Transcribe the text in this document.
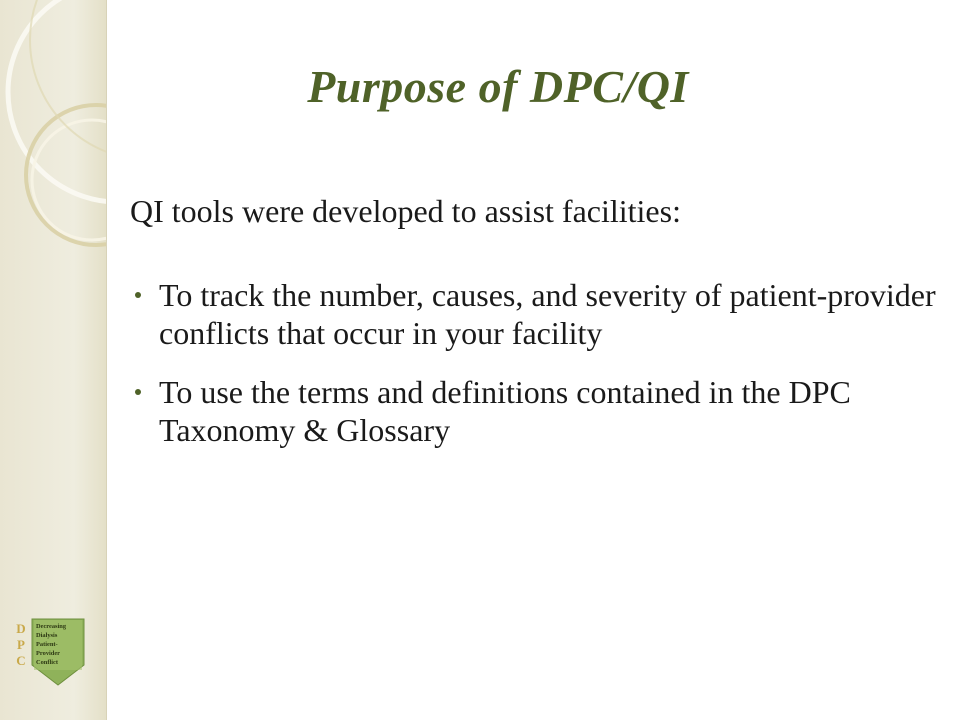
Purpose of DPC/QI

QI tools were developed to assist facilities:

To track the number, causes, and severity of patient-provider conflicts that occur in your facility
To use the terms and definitions contained in the DPC Taxonomy & Glossary
D
P
C
Decreasing
Dialysis
Patient-
Provider
Conflict
